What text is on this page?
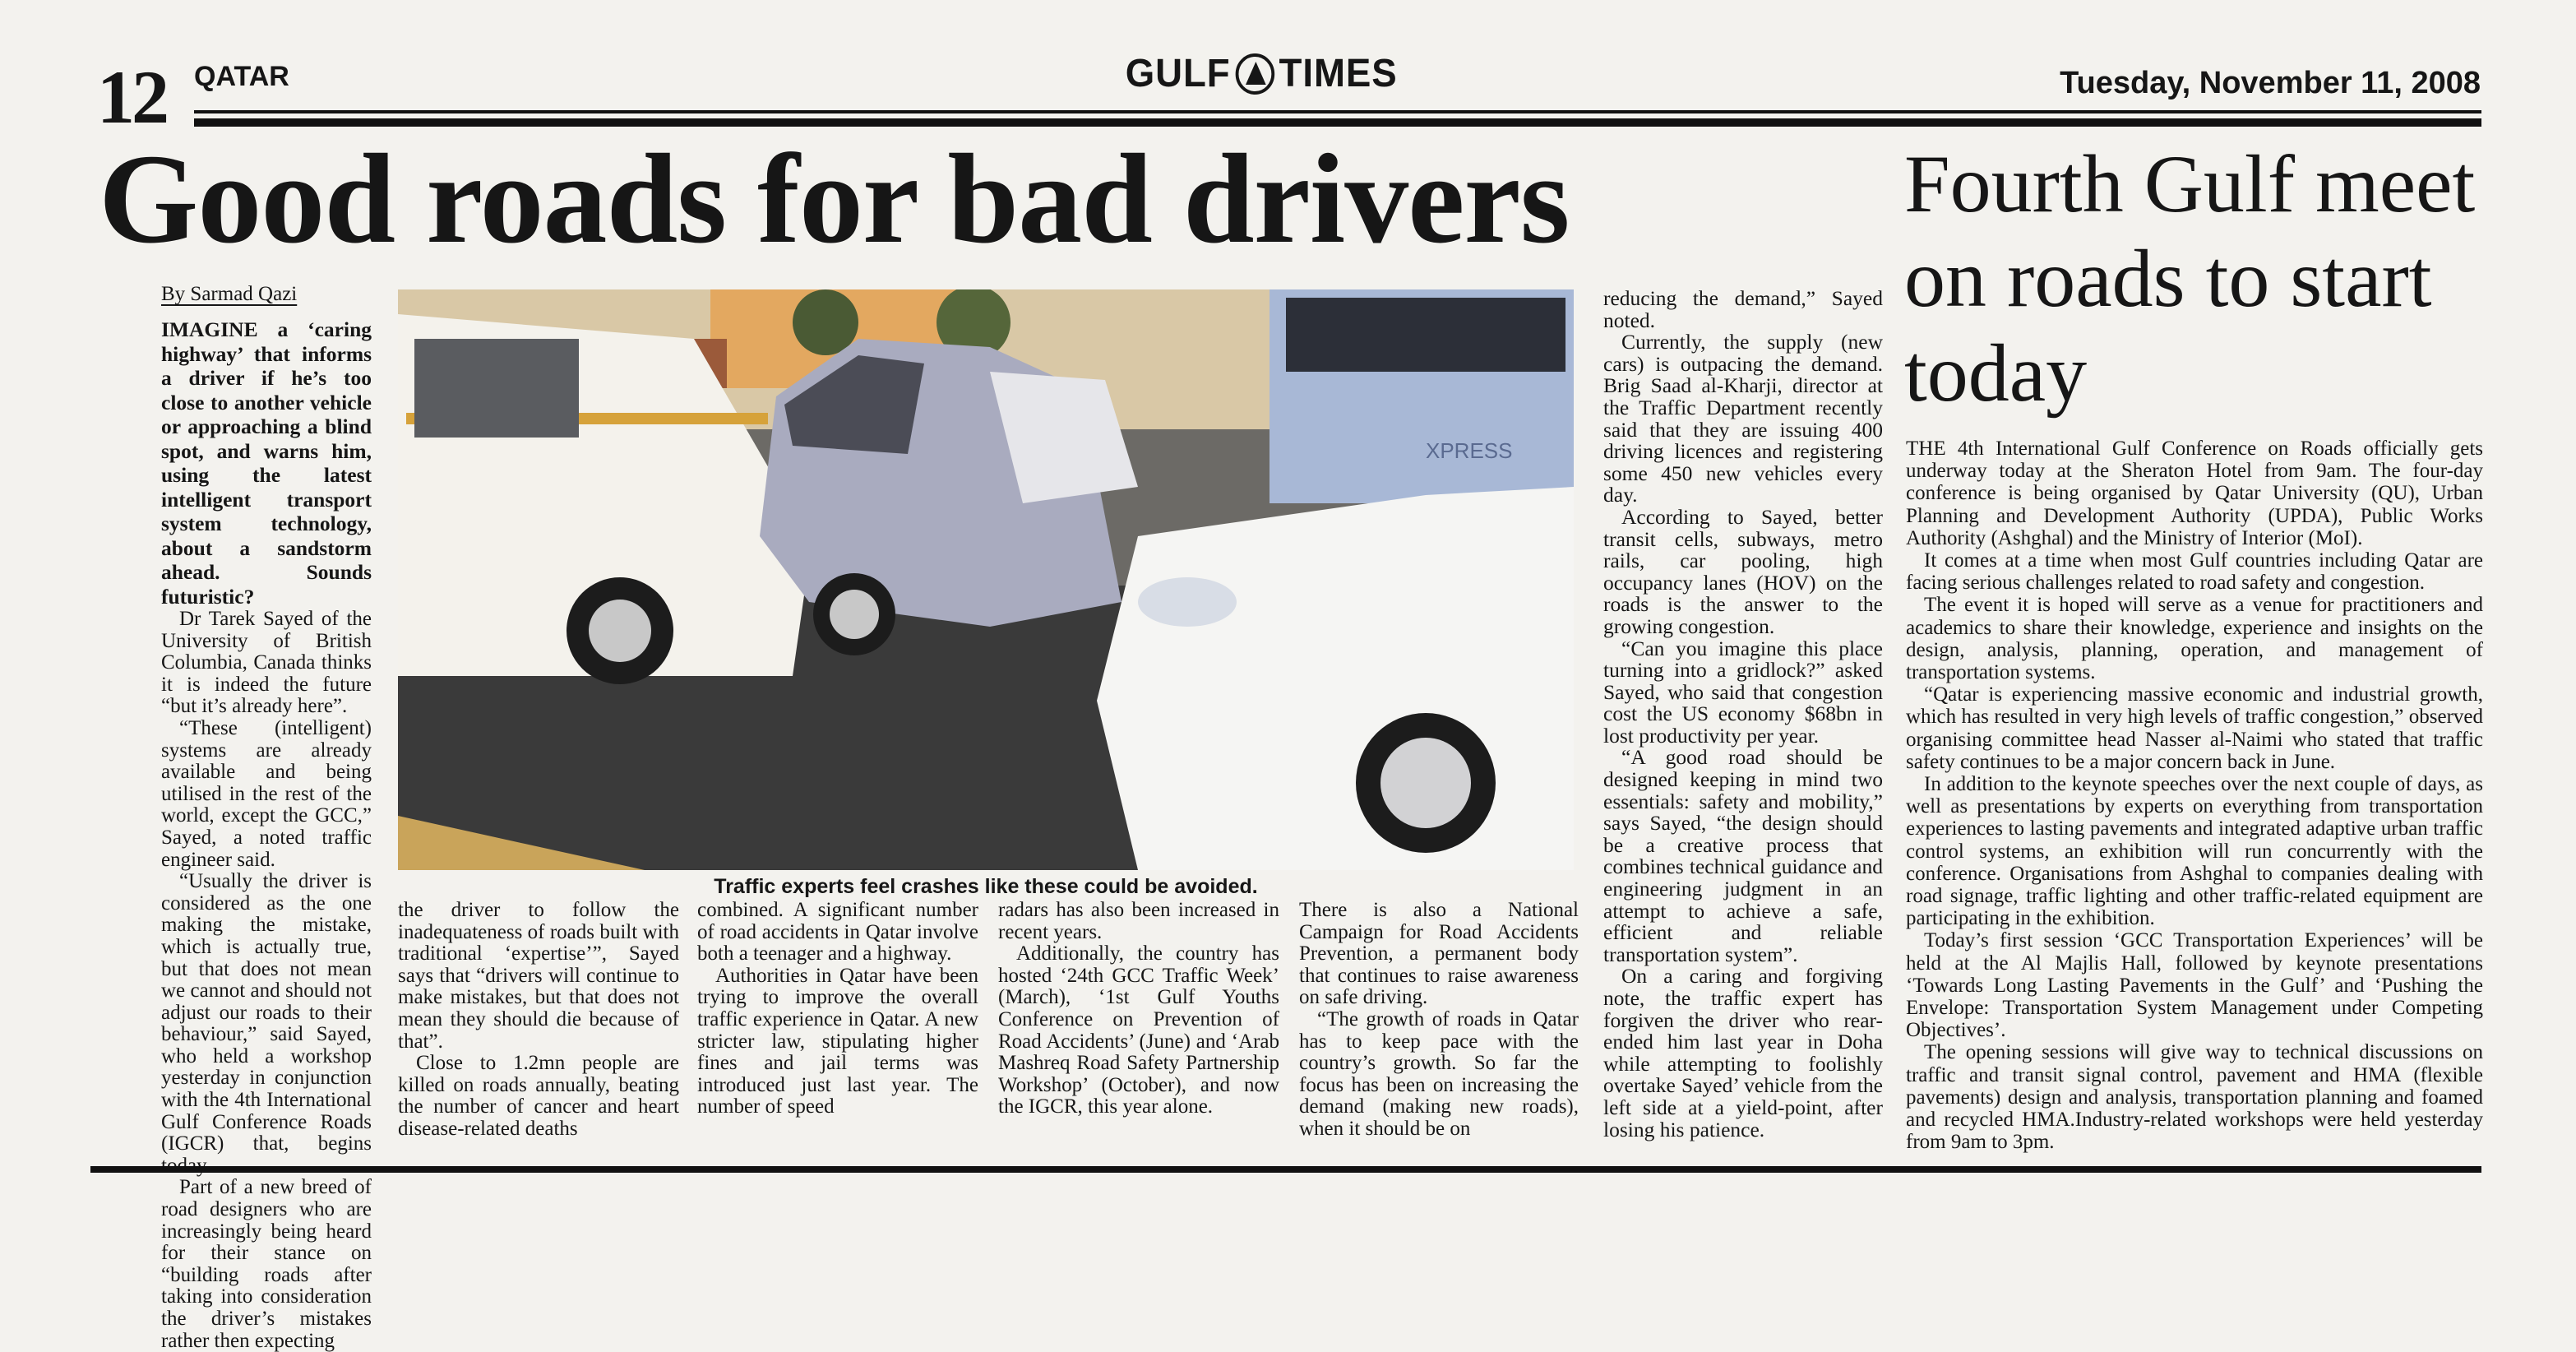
12 QATAR	GULF TIMES	Tuesday, November 11, 2008
Good roads for bad drivers	Fourth Gulf meet on roads to start today
By Sarmad Qazi

IMAGINE a ‘caring highway’ that informs a driver if he’s too close to another vehicle or approaching a blind spot, and warns him, using the latest intelligent transport system technology, about a sandstorm ahead. Sounds futuristic?

Dr Tarek Sayed of the University of British Columbia, Canada thinks it is indeed the future “but it’s already here”.

“These (intelligent) systems are already available and being utilised in the rest of the world, except the GCC,” Sayed, a noted traffic engineer said.

“Usually the driver is considered as the one making the mistake, which is actually true, but that does not mean we cannot and should not adjust our roads to their behaviour,” said Sayed, who held a workshop yesterday in conjunction with the 4th International Gulf Conference Roads (IGCR) that, begins

Part of a new breed of road designers who are increasingly being heard for their stance on “building roads after taking into consideration the driver’s mistakes rather then expecting

XPRESS
Traffic experts feel crashes like these could be avoided.

the driver to follow the inadequateness of roads built with traditional ‘expertise’”, Sayed says that “drivers will continue to make mistakes, but that does not mean they should die because of that”.

Close to 1.2mn people are killed on roads annually, beating the number of cancer and heart disease-related deaths

combined. A significant number of road accidents in Qatar involve both a teenager and a highway.

Authorities in Qatar have been trying to improve the overall traffic experience in Qatar. A new stricter law, stipulating higher fines and jail terms was introduced just last year. The number of speed

radars has also been increased in recent years.

Additionally, the country has hosted ‘24th GCC Traffic Week’ (March), ‘1st Gulf Youths Conference on Prevention of Road Accidents’ (June) and ‘Arab Mashreq Road Safety Partnership Workshop’ (October), and now the IGCR, this year alone.

There is also a National Campaign for Road Accidents Prevention, a permanent body that continues to raise awareness on safe driving.

“The growth of roads in Qatar has to keep pace with the country’s growth. So far the focus has been on increasing the demand (making new roads), when it should be on

reducing the demand,” Sayed noted.

Currently, the supply (new cars) is outpacing the demand. Brig Saad al-Kharji, director at the Traffic Department recently said that they are issuing 400 driving licences and registering some 450 new vehicles every day.

According to Sayed, better transit cells, subways, metro rails, car pooling, high occupancy lanes (HOV) on the roads is the answer to the growing congestion.

“Can you imagine this place turning into a gridlock?” asked Sayed, who said that congestion cost the US economy $68bn in lost productivity per year.

“A good road should be designed keeping in mind two essentials: safety and mobility,” says Sayed, “the design should be a creative process that combines technical guidance and engineering judgment in an attempt to achieve a safe, efficient and reliable transportation system”.

On a caring and forgiving note, the traffic expert has forgiven the driver who rear-ended him last year in Doha while attempting to foolishly overtake Sayed’ vehicle from the left side at a yield-point, after losing his patience.

THE 4th International Gulf Conference on Roads officially gets underway today at the Sheraton Hotel from 9am. The four-day conference is being organised by Qatar University (QU), Urban Planning and Development Authority (UPDA), Public Works Authority (Ashghal) and the Ministry of Interior (MoI).

It comes at a time when most Gulf countries including Qatar are facing serious challenges related to road safety and congestion.

The event it is hoped will serve as a venue for practitioners and academics to share their knowledge, experience and insights on the design, analysis, planning, operation, and management of transportation systems.

“Qatar is experiencing massive economic and industrial growth, which has resulted in very high levels of traffic congestion,” observed organising committee head Nasser al-Naimi who stated that traffic safety continues to be a major concern back in June.

In addition to the keynote speeches over the next couple of days, as well as presentations by experts on everything from transportation experiences to lasting pavements and integrated adaptive urban traffic control systems, an exhibition will run concurrently with the conference. Organisations from Ashghal to companies dealing with road signage, traffic lighting and other traffic-related equipment are participating in the exhibition.

Today’s first session ‘GCC Transportation Experiences’ will be held at the Al Majlis Hall, followed by keynote presentations ‘Towards Long Lasting Pavements in the Gulf’ and ‘Pushing the Envelope: Transportation System Management under Competing Objectives’.

The opening sessions will give way to technical discussions on traffic and transit signal control, pavement and HMA (flexible pavements) design and analysis, transportation planning and foamed and recycled HMA.Industry-related workshops were held yesterday from 9am to 3pm.
